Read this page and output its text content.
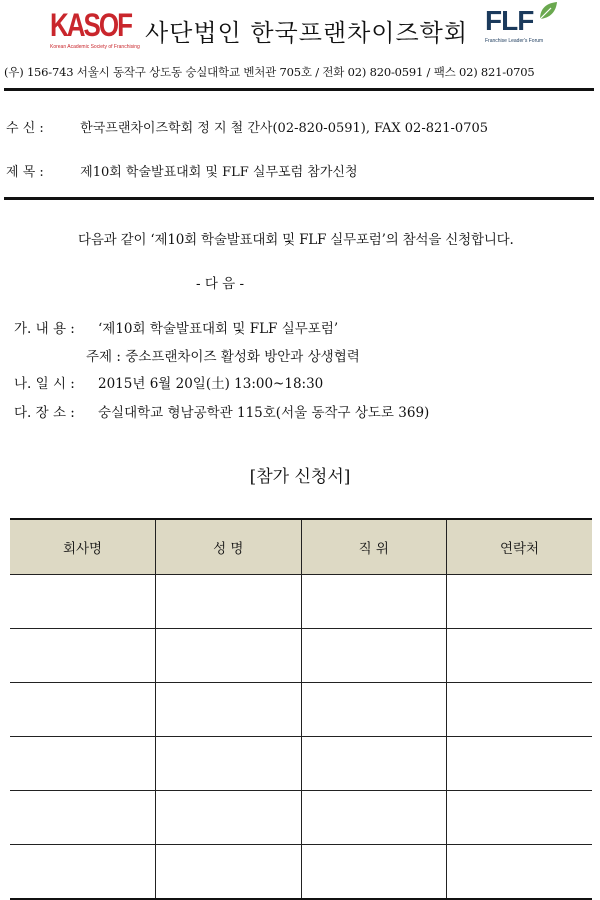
KASOF
Korean Academic Society of Franchising 사단법인 한국프랜차이즈학회 FLF
Franchise Leader's Forum
(우) 156-743 서울시 동작구 상도동 숭실대학교 벤처관 705호 / 전화 02) 820-0591 / 팩스 02) 821-0705
수 신 :	한국프랜차이즈학회 정 지 철 간사(02-820-0591), FAX 02-821-0705
제 목 :	제10회 학술발표대회 및 FLF 실무포럼 참가신청
다음과 같이 ‘제10회 학술발표대회 및 FLF 실무포럼’의 참석을 신청합니다.
- 다 음 -
가. 내 용 : ‘제10회 학술발표대회 및 FLF 실무포럼’
주제 : 중소프랜차이즈 활성화 방안과 상생협력
나. 일 시 : 2015년 6월 20일(土) 13:00~18:30
다. 장 소 : 숭실대학교 형남공학관 115호(서울 동작구 상도로 369)
[참가 신청서]
회사명	성 명	직 위	연락처
